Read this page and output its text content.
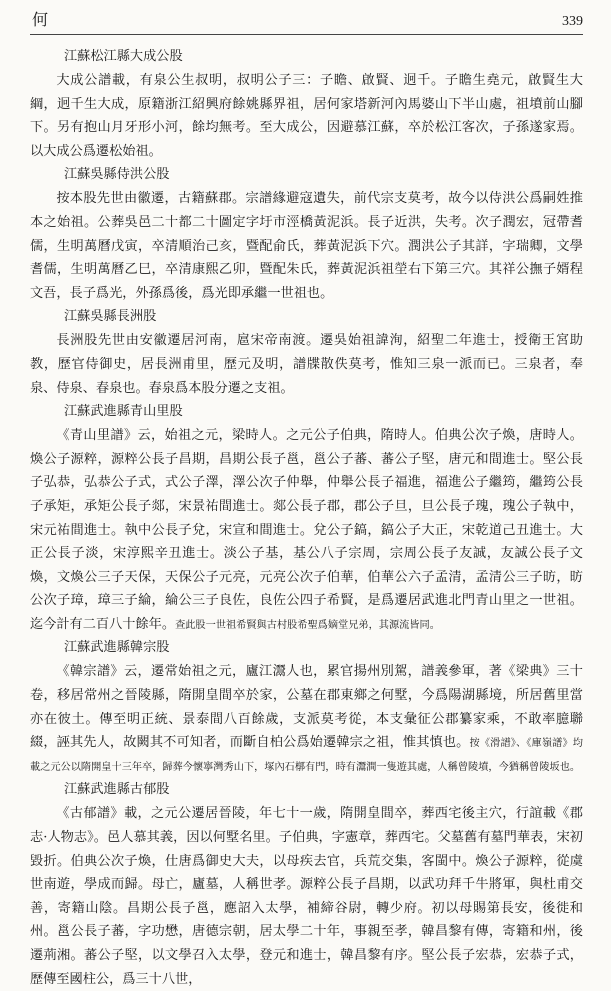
何	339
江蘇松江縣大成公股

大成公譜載，有泉公生叔明，叔明公子三：子瞻、啟賢、迥千。子瞻生堯元，啟賢生大綱，迥千生大成，原籍浙江紹興府餘姚縣界祖，居何家塔新河內馬婆山下半山處，祖墳前山腳下。另有抱山月牙形小河，餘均無考。至大成公，因避慕江蘇，卒於松江客次，子孫遂家焉。以大成公爲遷松始祖。

江蘇吳縣侍洪公股

按本股先世由徽遷，古籍蘇郡。宗譜緣避寇遺失，前代宗支莫考，故今以侍洪公爲嗣姓推本之始祖。公葬吳邑二十都二十圖定字圩市涇橋黃泥浜。長子近洪，失考。次子潤宏，冠帶耆儒，生明萬曆戊寅，卒清順治己亥，暨配俞氏，葬黃泥浜下穴。潤洪公子其詳，字瑞卿，文學耆儒，生明萬曆乙巳，卒清康熙乙卯，暨配朱氏，葬黃泥浜祖塋右下第三穴。其祥公撫子婿程文吾，長子爲光，外孫爲後，爲光即承繼一世祖也。

江蘇吳縣長洲股

長洲股先世由安徽遷居河南，扈宋帝南渡。遷吳始祖諱洵，紹聖二年進士，授衛王宮助教，歷官侍御史，居長洲甫里，歷元及明，譜牒散佚莫考，惟知三泉一派而已。三泉者，奉泉、侍泉、春泉也。春泉爲本股分遷之支祖。

江蘇武進縣青山里股

《青山里譜》云，始祖之元，梁時人。之元公子伯典，隋時人。伯典公次子煥，唐時人。煥公子源粹，源粹公長子昌期，昌期公長子邕，邕公子蕃、蕃公子堅，唐元和間進士。堅公長子弘恭，弘恭公子式，式公子澤，澤公次子仲舉，仲舉公長子福進，福進公子繼筠，繼筠公長子承矩，承矩公長子郯，宋景祐間進士。郯公長子郡，郡公子旦，旦公長子瑰，瑰公子執中，宋元祐間進士。執中公長子兌，宋宣和間進士。兌公子鎬，鎬公子大正，宋乾道己丑進士。大正公長子淡，宋淳熙辛丑進士。淡公子基，基公八子宗周，宗周公長子友誠，友誠公長子文煥，文煥公三子天保，天保公子元亮，元亮公次子伯華，伯華公六子孟清，孟清公三子昉，昉公次子璋，璋三子綸，綸公三子良佐，良佐公四子希賢，是爲遷居武進北門青山里之一世祖。迄今計有二百八十餘年。查此股一世祖希賢與古村股希聖爲嫡堂兄弟，其源流皆同。

江蘇武進縣韓宗股

《韓宗譜》云，遷常始祖之元，廬江灊人也，累官揚州別駕，譜義參軍，著《梁典》三十卷，移居常州之晉陵縣，隋開皇間卒於家，公墓在郡東鄉之何墅，今爲陽湖縣境，所居舊里當亦在彼土。傳至明正統、景泰間八百餘歲，支派莫考從，本支彙征公郡纂家乘，不敢率臆聯綴，誣其先人，故闕其不可知者，而斷自柏公爲始遷韓宗之祖，惟其慎也。按《滑譜》、《庫嶺譜》均載之元公以隋開皇十三年卒，歸葬今懷寧灣秀山下，塚內石槨有門，時有灊澗一隻遊其處，人稱曾陵墳，今猶稱曾陵坂也。

江蘇武進縣古郁股

《古郁譜》載，之元公遷居晉陵，年七十一歲，隋開皇間卒，葬西宅後主穴，行誼載《郡志·人物志》。邑人慕其義，因以何墅名里。子伯典，字憲章，葬西宅。父墓舊有墓門華表，宋初毀折。伯典公次子煥，仕唐爲御史大夫，以母疾去官，兵荒交集，客閩中。煥公子源粹，從虞世南遊，學成而歸。母亡，廬墓，人稱世孝。源粹公長子昌期，以武功拜千牛將軍，與杜甫交善，寄籍山陰。昌期公長子邕，應詔入太學，補締谷尉，轉少府。初以母賜第長安，後徙和州。邕公長子蕃，字功懋，唐德宗朝，居太學二十年，事親至孝，韓昌黎有傳，寄籍和州，後遷荊湘。蕃公子堅，以文學召入太學，登元和進士，韓昌黎有序。堅公長子宏恭，宏恭子式，歷傳至國柱公，爲三十八世，
